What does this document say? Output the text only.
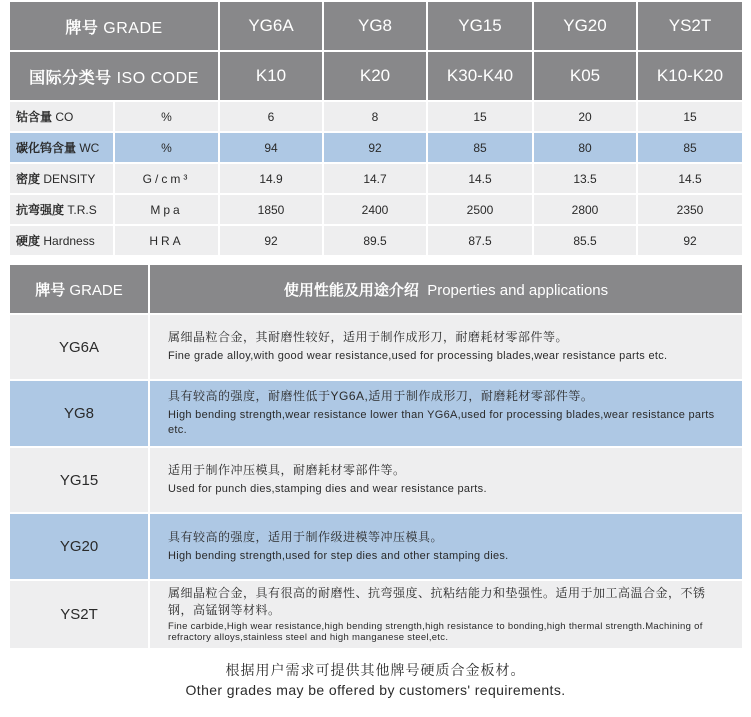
牌号 GRADE		YG6A	YG8	YG15	YG20	YS2T
国际分类号 ISO CODE		K10	K20	K30-K40	K05	K10-K20
钴含量 CO	%	6	8	15	20	15
碳化钨含量 WC	%	94	92	85	80	85
密度 DENSITY	G/cm³	14.9	14.7	14.5	13.5	14.5
抗弯强度 T.R.S	Mpa	1850	2400	2500	2800	2350
硬度 Hardness	HRA	92	89.5	87.5	85.5	92
牌号 GRADE	使用性能及用途介绍 Properties and applications
YG6A	属细晶粒合金，其耐磨性较好，适用于制作成形刀，耐磨耗材零部件等。
Fine grade alloy,with good wear resistance,used for processing blades,wear resistance parts etc.

YG8	具有较高的强度，耐磨性低于YG6A,适用于制作成形刀，耐磨耗材零部件等。
High bending strength,wear resistance lower than YG6A,used for processing blades,wear resistance parts etc.

YG15	适用于制作冲压模具，耐磨耗材零部件等。
Used for punch dies,stamping dies and wear resistance parts.

YG20	具有较高的强度，适用于制作级进模等冲压模具。
High bending strength,used for step dies and other stamping dies.

YS2T	属细晶粒合金，具有很高的耐磨性、抗弯强度、抗粘结能力和垫强性。适用于加工高温合金，不锈钢，高锰钢等材料。
Fine carbide,High wear resistance,high bending strength,high resistance to bonding,high thermal strength.Machining of refractory alloys,stainless steel and high manganese steel,etc.
根据用户需求可提供其他牌号硬质合金板材。
Other grades may be offered by customers' requirements.
